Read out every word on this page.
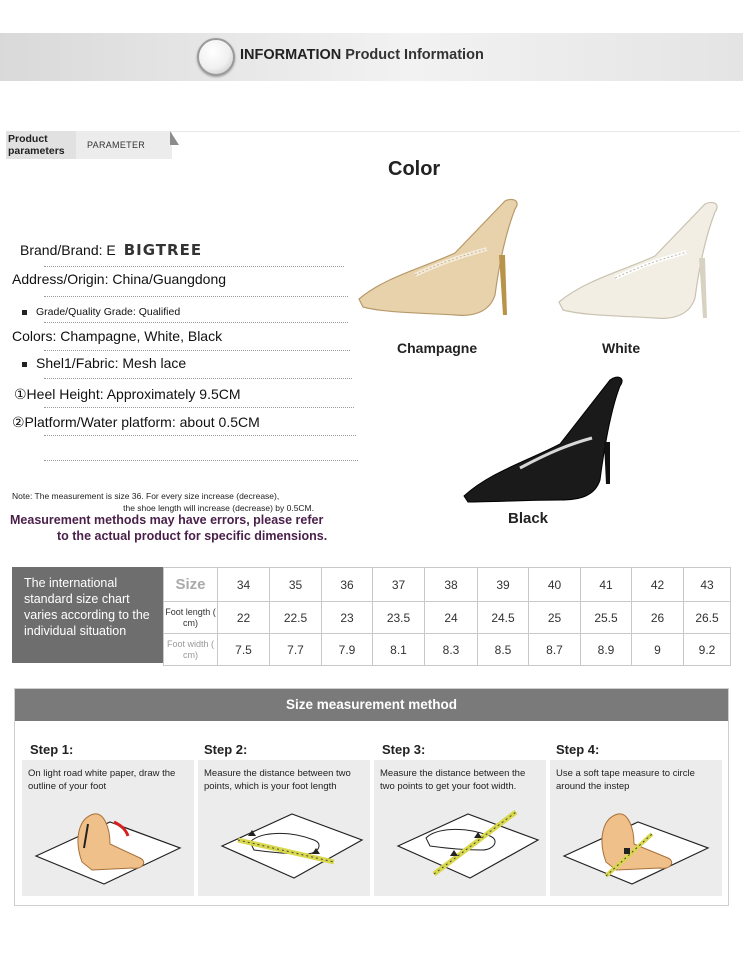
INFORMATION Product Information
Product parameters	PARAMETER
Brand/Brand: E BIGTREE
Address/Origin: China/Guangdong
Grade/Quality Grade: Qualified
Colors: Champagne, White, Black
Shel1/Fabric: Mesh lace
①Heel Height: Approximately 9.5CM
②Platform/Water platform: about 0.5CM
Note: The measurement is size 36. For every size increase (decrease),
the shoe length will increase (decrease) by 0.5CM.
Measurement methods may have errors, please refer
to the actual product for specific dimensions.
Color
Champagne	White
Black
The international standard size chart varies according to the individual situation
Size	34	35	36	37	38	39	40	41	42	43
Foot length ( cm)	22	22.5	23	23.5	24	24.5	25	25.5	26	26.5
Foot width ( cm)	7.5	7.7	7.9	8.1	8.3	8.5	8.7	8.9	9	9.2
Size measurement method
Step 1:	Step 2:	Step 3:	Step 4:
On light road white paper, draw the outline of your foot
Measure the distance between two points, which is your foot length
Measure the distance between the two points to get your foot width.
Use a soft tape measure to circle around the instep
